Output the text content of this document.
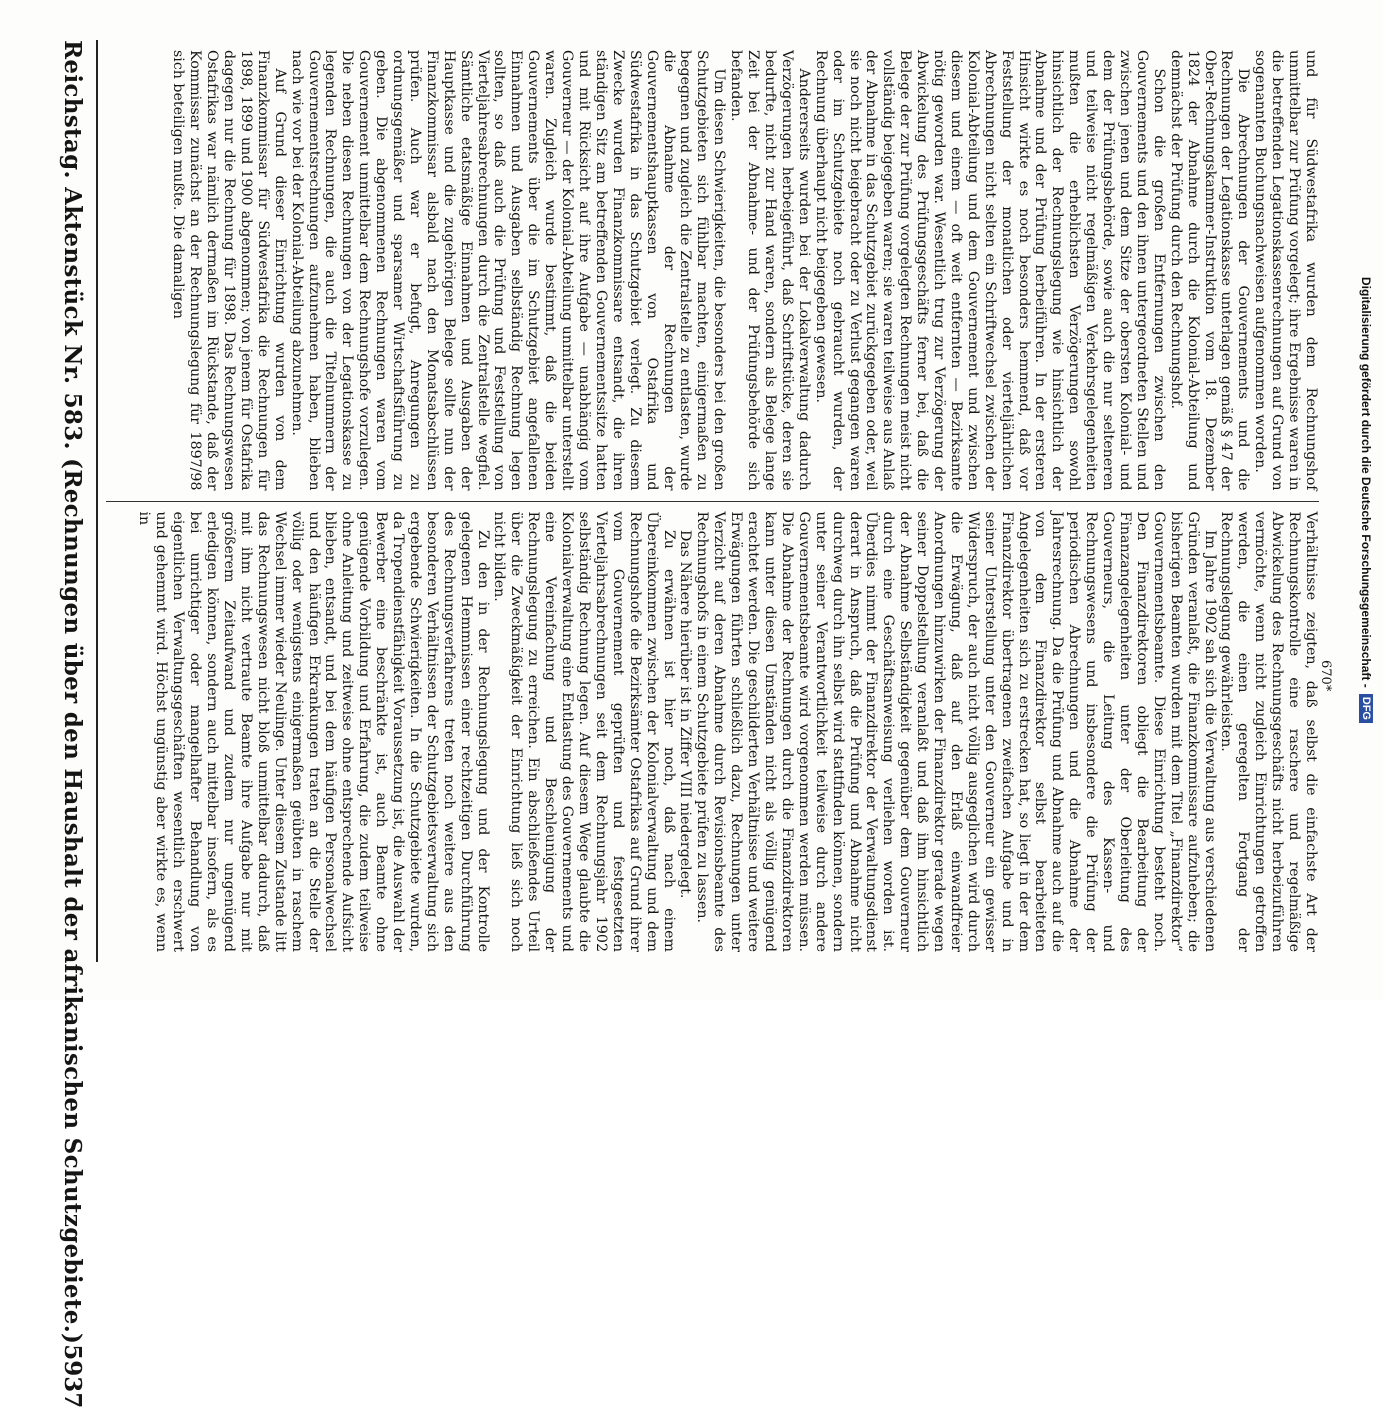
670*

und für Südwestafrika wurden dem Rechnungshof unmittelbar zur Prüfung vorgelegt; ihre Ergebnisse waren in die betreffenden Legationskassenrechnungen auf Grund von sogenannten Buchungsnachweisen aufgenommen worden.

Die Abrechnungen der Gouvernements und die Rechnungen der Legationskasse unterlagen gemäß § 47 der Ober-Rechnungskammer-Instruktion vom 18. Dezember 1824 der Abnahme durch die Kolonial-Abteilung und demnächst der Prüfung durch den Rechnungshof.

Schon die großen Entfernungen zwischen den Gouvernements und den ihnen untergeordneten Stellen und zwischen jenen und dem Sitze der obersten Kolonial- und dem der Prüfungsbehörde, sowie auch die nur selteneren und teilweise nicht regelmäßigen Verkehrsgelegenheiten mußten die erheblichsten Verzögerungen sowohl hinsichtlich der Rechnungslegung wie hinsichtlich der Abnahme und der Prüfung herbeiführen. In der ersteren Hinsicht wirkte es noch besonders hemmend, daß vor Feststellung der monatlichen oder vierteljährlichen Abrechnungen nicht selten ein Schriftwechsel zwischen der Kolonial-Abteilung und dem Gouvernement und zwischen diesem und einem — oft weit entfernten — Bezirksamte nötig geworden war. Wesentlich trug zur Verzögerung der Abwickelung des Prüfungsgeschäfts ferner bei, daß die Belege der zur Prüfung vorgelegten Rechnungen meist nicht vollständig beigegeben waren; sie waren teilweise aus Anlaß der Abnahme in das Schutzgebiet zurückgegeben oder, weil sie noch nicht beigebracht oder zu Verlust gegangen waren oder im Schutzgebiete noch gebraucht wurden, der Rechnung überhaupt nicht beigegeben gewesen.

Andererseits wurden bei der Lokalverwaltung dadurch Verzögerungen herbeigeführt, daß Schriftstücke, deren sie bedurfte, nicht zur Hand waren, sondern als Belege lange Zeit bei der Abnahme- und der Prüfungsbehörde sich befanden.

Um diesen Schwierigkeiten, die besonders bei den großen Schutzgebieten sich fühlbar machten, einigermaßen zu begegnen und zugleich die Zentralstelle zu entlasten, wurde die Abnahme der Rechnungen der Gouvernementshauptkassen von Ostafrika und Südwestafrika in das Schutzgebiet verlegt. Zu diesem Zwecke wurden Finanzkommissare entsandt, die ihren ständigen Sitz am betreffenden Gouvernementssitze hatten und mit Rücksicht auf ihre Aufgabe — unabhängig vom Gouverneur — der Kolonial-Abteilung unmittelbar unterstellt waren. Zugleich wurde bestimmt, daß die beiden Gouvernements über die im Schutzgebiet angefallenen Einnahmen und Ausgaben selbständig Rechnung legen sollten, so daß auch die Prüfung und Feststellung von Vierteljahresabrechnungen durch die Zentralstelle wegfiel. Sämtliche etatsmäßige Einnahmen und Ausgaben der Hauptkasse und die zugehörigen Belege sollte nun der Finanzkommissar alsbald nach den Monatsabschlüssen prüfen. Auch war er befugt, Anregungen zu ordnungsgemäßer und sparsamer Wirtschaftsführung zu geben. Die abgenommenen Rechnungen waren vom Gouvernement unmittelbar dem Rechnungshofe vorzulegen. Die neben diesen Rechnungen von der Legationskasse zu legenden Rechnungen, die auch die Titelnummern der Gouvernementsrechnungen aufzunehmen haben, blieben nach wie vor bei der Kolonial-Abteilung abzunehmen.

Auf Grund dieser Einrichtung wurden von dem Finanzkommissar für Südwestafrika die Rechnungen für 1898, 1899 und 1900 abgenommen; von jenem für Ostafrika dagegen nur die Rechnung für 1898. Das Rechnungswesen Ostafrikas war nämlich dermaßen im Rückstande, daß der Kommissar zunächst an der Rechnungslegung für 1897/98 sich beteiligen mußte. Die damaligen

Verhältnisse zeigten, daß selbst die einfachste Art der Rechnungskontrolle eine raschere und regelmäßige Abwickelung des Rechnungsgeschäfts nicht herbeizuführen vermöchte, wenn nicht zugleich Einrichtungen getroffen werden, die einen geregelten Fortgang der Rechnungslegung gewährleisten.

Im Jahre 1902 sah sich die Verwaltung aus verschiedenen Gründen veranlaßt, die Finanzkommissare aufzuheben; die bisherigen Beamten wurden mit dem Titel „Finanzdirektor“ Gouvernementsbeamte. Diese Einrichtung besteht noch. Den Finanzdirektoren obliegt die Bearbeitung der Finanzangelegenheiten unter der Oberleitung des Gouverneurs, die Leitung des Kassen- und Rechnungswesens und insbesondere die Prüfung der periodischen Abrechnungen und die Abnahme der Jahresrechnung. Da die Prüfung und Abnahme auch auf die von dem Finanzdirektor selbst bearbeiteten Angelegenheiten sich zu erstrecken hat, so liegt in der dem Finanzdirektor übertragenen zweifachen Aufgabe und in seiner Unterstellung unter den Gouverneur ein gewisser Widerspruch, der auch nicht völlig ausgeglichen wird durch die Erwägung, daß auf den Erlaß einwandfreier Anordnungen hinzuwirken der Finanzdirektor gerade wegen seiner Doppelstellung veranlaßt und daß ihm hinsichtlich der Abnahme Selbständigkeit gegenüber dem Gouverneur durch eine Geschäftsanweisung verliehen worden ist. Überdies nimmt der Finanzdirektor der Verwaltungsdienst derart in Anspruch, daß die Prüfung und Abnahme nicht durchweg durch ihn selbst wird stattfinden können, sondern unter seiner Verantwortlichkeit teilweise durch andere Gouvernementsbeamte wird vorgenommen werden müssen. Die Abnahme der Rechnungen durch die Finanzdirektoren kann unter diesen Umständen nicht als völlig genügend erachtet werden. Die geschilderten Verhältnisse und weitere Erwägungen führten schließlich dazu, Rechnungen unter Verzicht auf deren Abnahme durch Revisionsbeamte des Rechnungshofs in einem Schutzgebiete prüfen zu lassen.

Das Nähere hierüber ist in Ziffer VIII niedergelegt.

Zu erwähnen ist hier noch, daß nach einem Übereinkommen zwischen der Kolonialverwaltung und dem Rechnungshofe die Bezirksämter Ostafrikas auf Grund ihrer vom Gouvernement geprüften und festgesetzten Vierteljahrsabrechnungen seit dem Rechnungsjahr 1902 selbständig Rechnung legen. Auf diesem Wege glaubte die Kolonialverwaltung eine Entlastung des Gouvernements und eine Vereinfachung und Beschleunigung der Rechnungslegung zu erreichen. Ein abschließendes Urteil über die Zweckmäßigkeit der Einrichtung ließ sich noch nicht bilden.

Zu den in der Rechnungslegung und der Kontrolle gelegenen Hemmnissen einer rechtzeitigen Durchführung des Rechnungsverfahrens treten noch weitere aus den besonderen Verhältnissen der Schutzgebietsverwaltung sich ergebende Schwierigkeiten. In die Schutzgebiete wurden, da Tropendienstfähigkeit Voraussetzung ist, die Auswahl der Bewerber eine beschränkte ist, auch Beamte ohne genügende Vorbildung und Erfahrung, die zudem teilweise ohne Anleitung und zeitweise ohne entsprechende Aufsicht blieben, entsandt, und bei dem häufigen Personalwechsel und den häufigen Erkrankungen traten an die Stelle der völlig oder wenigstens einigermaßen geübten in raschem Wechsel immer wieder Neulinge. Unter diesem Zustande litt das Rechnungswesen nicht bloß unmittelbar dadurch, daß mit ihm nicht vertraute Beamte ihre Aufgabe nur mit größerem Zeitaufwand und zudem nur ungenügend erledigen können, sondern auch mittelbar insofern, als es bei unrichtiger oder mangelhafter Behandlung von eigentlichen Verwaltungsgeschäften wesentlich erschwert und gehemmt wird. Höchst ungünstig aber wirkte es, wenn in

Reichstag. Aktenstück Nr. 583. (Rechnungen über den Haushalt der afrikanischen Schutzgebiete.)
5937
Digitalisierung gefördert durch die Deutsche Forschungsgemeinschaft -
DFG
